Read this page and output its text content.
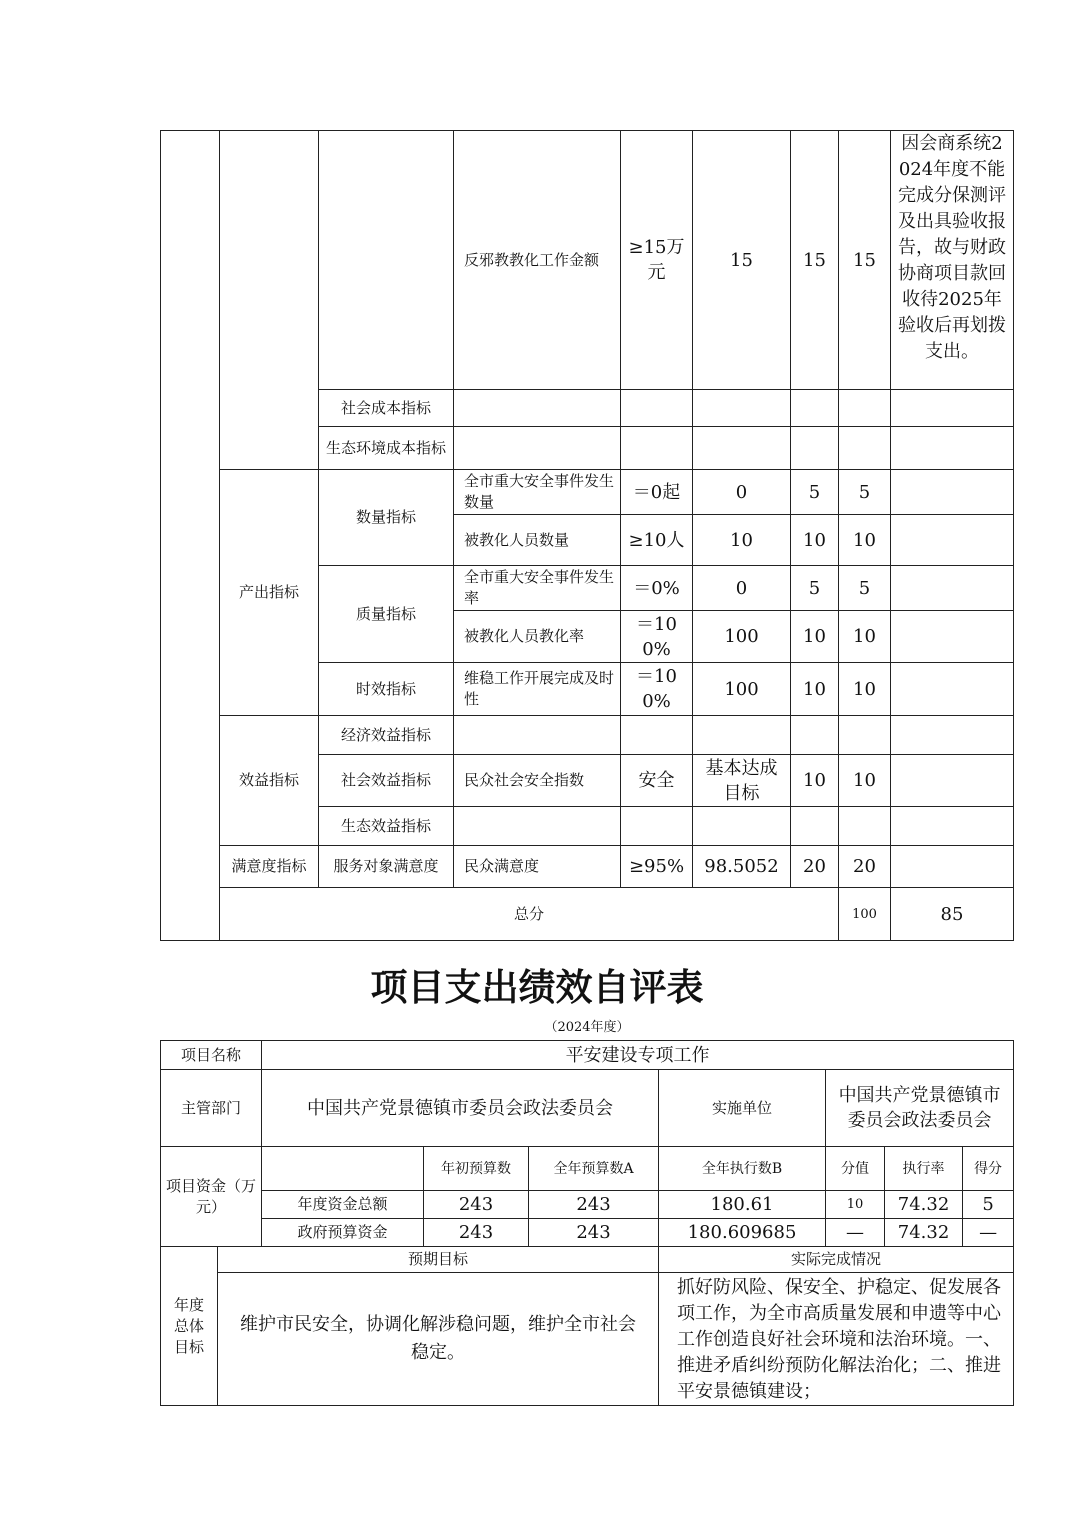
			反邪教教化工作金额	≥15万元	15	15	15	因会商系统2024年度不能完成分保测评及出具验收报告，故与财政协商项目款回收待2025年验收后再划拨支出。	
		社会成本指标							
		生态环境成本指标							
	产出指标	数量指标	全市重大安全事件发生数量	＝0起	0	5	5		
			被教化人员数量	≥10人	10	10	10		
		质量指标	全市重大安全事件发生率	＝0%	0	5	5		
			被教化人员教化率	＝100%	100	10	10		
		时效指标	维稳工作开展完成及时性	＝100%	100	10	10		
	效益指标	经济效益指标							
		社会效益指标	民众社会安全指数	安全	基本达成目标	10	10		
		生态效益指标							
	满意度指标	服务对象满意度	民众满意度	≥95%	98.5052	20	20		
	总分						100	85	
项目支出绩效自评表
（2024年度）
项目名称		平安建设专项工作						
主管部门		中国共产党景德镇市委员会政法委员会			实施单位	中国共产党景德镇市委员会政法委员会		
项目资金（万元）			年初预算数	全年预算数A	全年执行数B	分值	执行率	得分
		年度资金总额	243	243	180.61	10	74.32	5
		政府预算资金	243	243	180.609685	—	74.32	—
年度总体目标	预期目标				实际完成情况			
	维护市民安全，协调化解涉稳问题，维护全市社会稳定。				抓好防风险、保安全、护稳定、促发展各项工作，为全市高质量发展和申遗等中心工作创造良好社会环境和法治环境。一、推进矛盾纠纷预防化解法治化；二、推进平安景德镇建设；			
